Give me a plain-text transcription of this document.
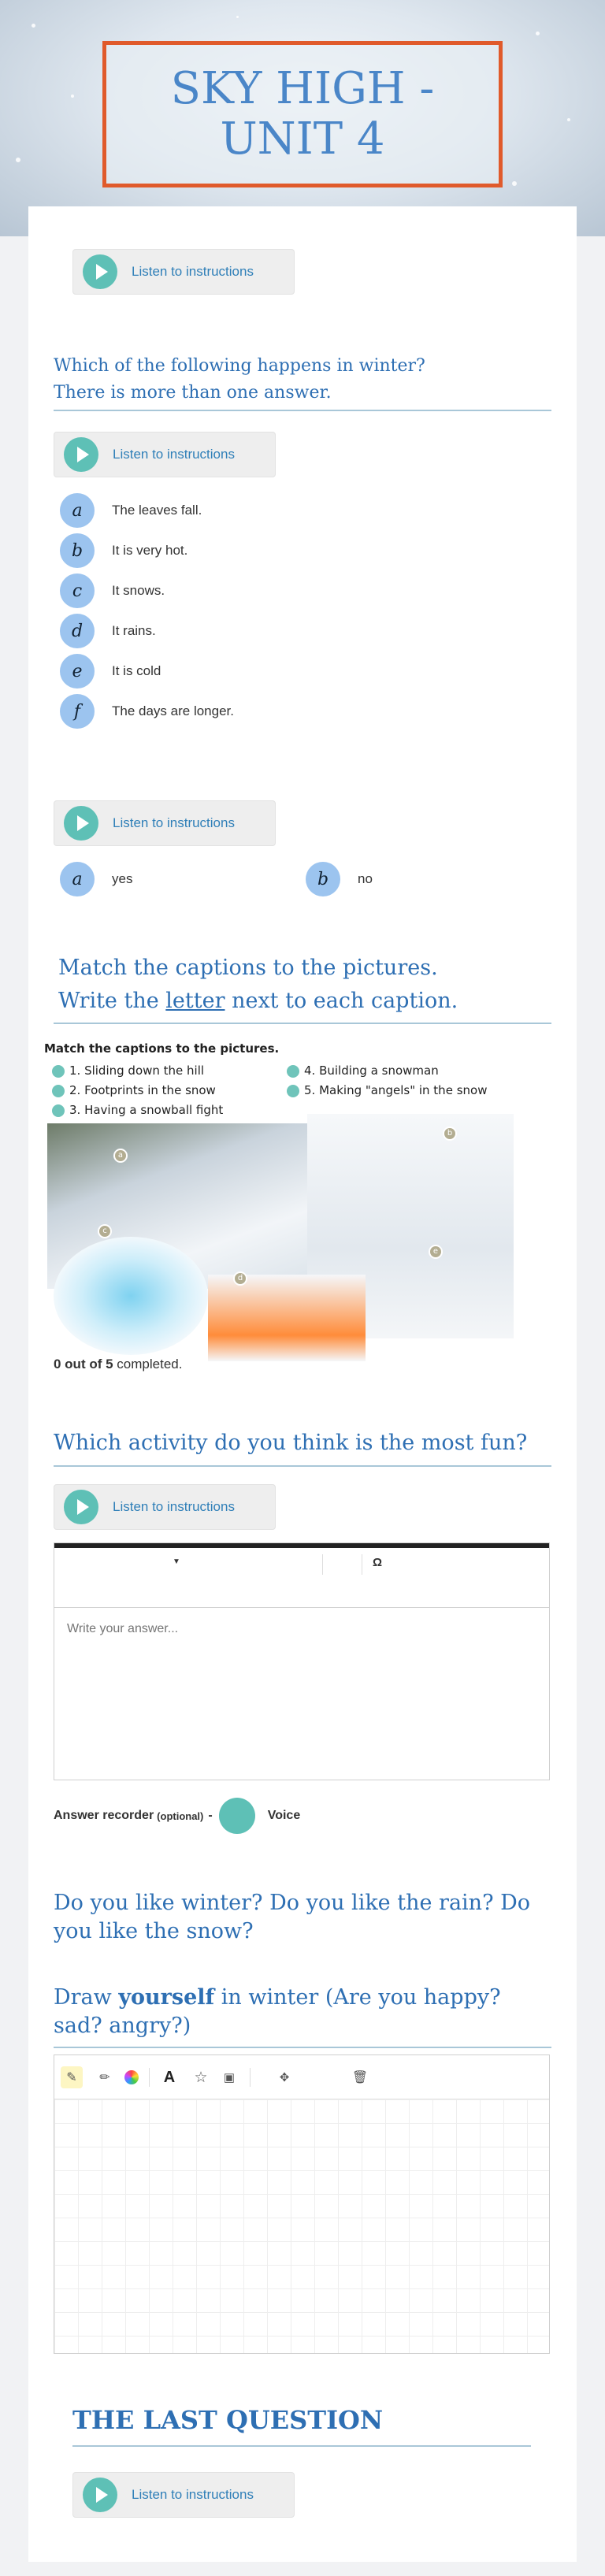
SKY HIGH - UNIT 4
Listen to instructions
Which of the following happens in winter?
There is more than one answer.
Listen to instructions
a	The leaves fall.
b	It is very hot.
c	It snows.
d	It rains.
e	It is cold
f	The days are longer.
Listen to instructions
a	yes	b	no
Match the captions to the pictures.
Write the letter next to each caption.
Match the captions to the pictures.
1. Sliding down the hill
2. Footprints in the snow
3. Having a snowball fight
4. Building a snowman
5. Making "angels" in the snow
a
b
c
d
e
0 out of 5 completed.
Which activity do you think is the most fun?
Listen to instructions
▼	Ω
Write your answer...
Answer recorder (optional) -	Voice
Do you like winter? Do you like the rain? Do you like the snow?
Draw yourself in winter (Are you happy? sad? angry?)
✎	✏	A	☆	▣	✥	🗑
THE LAST QUESTION
Listen to instructions
